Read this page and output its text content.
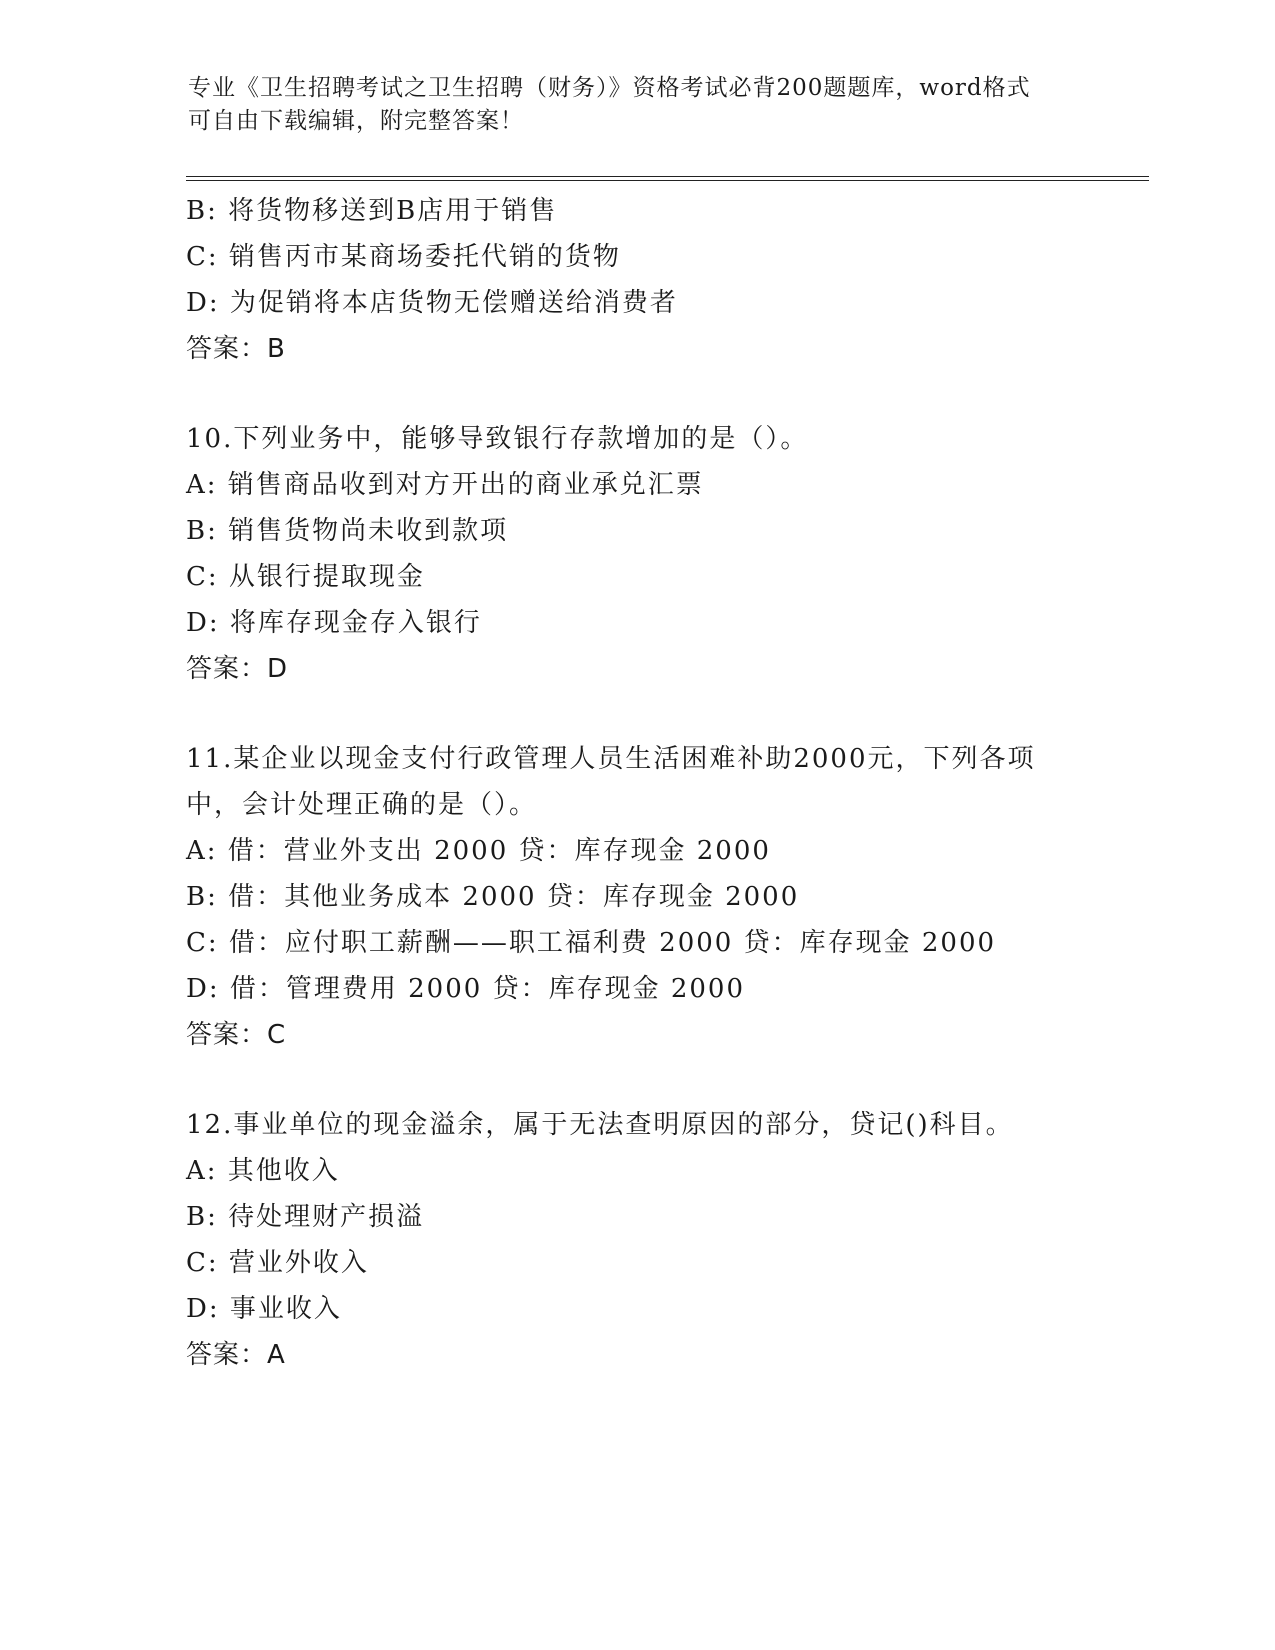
专业《卫生招聘考试之卫生招聘（财务）》资格考试必背200题题库，word格式
可自由下载编辑，附完整答案！
B: 将货物移送到B店用于销售
C: 销售丙市某商场委托代销的货物
D: 为促销将本店货物无偿赠送给消费者
答案：B
10.下列业务中，能够导致银行存款增加的是（）。
A: 销售商品收到对方开出的商业承兑汇票
B: 销售货物尚未收到款项
C: 从银行提取现金
D: 将库存现金存入银行
答案：D
11.某企业以现金支付行政管理人员生活困难补助2000元，下列各项
中，会计处理正确的是（）。
A: 借：营业外支出 2000 贷：库存现金 2000
B: 借：其他业务成本 2000 贷：库存现金 2000
C: 借：应付职工薪酬——职工福利费 2000 贷：库存现金 2000
D: 借：管理费用 2000 贷：库存现金 2000
答案：C
12.事业单位的现金溢余，属于无法查明原因的部分，贷记()科目。
A: 其他收入
B: 待处理财产损溢
C: 营业外收入
D: 事业收入
答案：A
